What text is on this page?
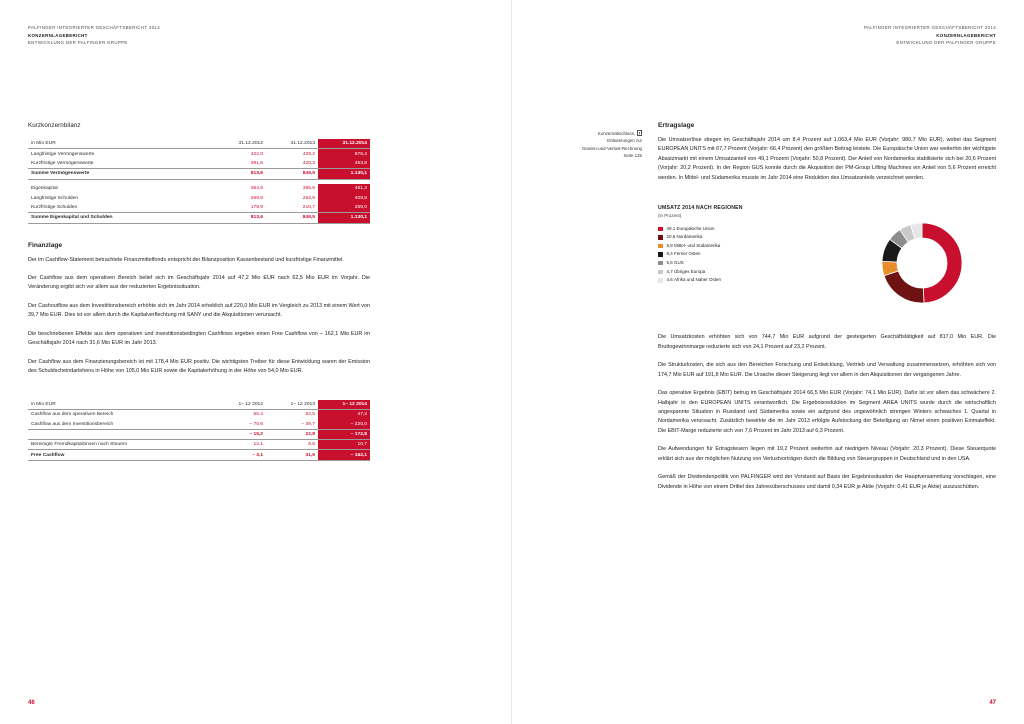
PALFINGER INTEGRIERTER GESCHÄFTSBERICHT 2014
KONZERNLAGEBERICHT
ENTWICKLUNG DER PALFINGER GRUPPE
Kurzkonzernbilanz
in Mio EUR	31.12.2012	31.12.2013	31.12.2014
Langfristige Vermögenswerte	422,0	429,2	676,4
Kurzfristige Vermögenswerte	391,6	420,3	453,8
Summe Vermögenswerte	813,6	849,5	1.130,1

Eigenkapital	364,9	385,9	461,3
Langfristige Schulden	268,8	252,9	409,8
Kurzfristige Schulden	179,9	210,7	259,0
Summe Eigenkapital und Schulden	813,6	849,5	1.130,1
Finanzlage

Der im Cashflow-Statement betrachtete Finanzmittelfonds entspricht der Bilanzposition Kassenbestand und kurzfristige Finanzmittel.

Der Cashflow aus dem operativen Bereich belief sich im Geschäftsjahr 2014 auf 47,2 Mio EUR nach 62,5 Mio EUR im Vorjahr. Die Veränderung ergibt sich vor allem aus der reduzierten Ergebnissituation.

Der Cashoutflow aus dem Investitionsbereich erhöhte sich im Jahr 2014 erheblich auf 220,0 Mio EUR im Vergleich zu 2013 mit einem Wert von 39,7 Mio EUR. Dies ist vor allem durch die Kapitalverflechtung mit SANY und die Akquisitionen verursacht.

Die beschriebenen Effekte aus dem operativen und investitionsbedingten Cashflows ergeben einen Free Cashflow von – 162,1 Mio EUR im Geschäftsjahr 2014 nach 31,6 Mio EUR im Jahr 2013.

Der Cashflow aus dem Finanzierungsbereich ist mit 178,4 Mio EUR positiv. Die wichtigsten Treiber für diese Entwicklung waren der Emission des Schuldscheindarlehens in Höhe von 105,0 Mio EUR sowie die Kapitalerhöhung in der Höhe von 54,0 Mio EUR.

in Mio EUR	1– 12 2012	1– 12 2013	1– 12 2014
Cashflow aus dem operativen Bereich	55,4	62,5	47,2
Cashflow aus dem Investitionsbereich	– 70,6	– 39,7	– 220,0
	– 15,2	22,8	– 172,8
Bereinigte Fremdkapitalzinsen nach Steuern	12,1	8,8	10,7
Free Cashflow	– 3,1	31,6	– 162,1
46
PALFINGER INTEGRIERTER GESCHÄFTSBERICHT 2014
KONZERNLAGEBERICHT
ENTWICKLUNG DER PALFINGER GRUPPE
Konzernabschluss,
Erläuterungen zur
Gewinn-und-Verlust-Rechnung
Seite 125
Ertragslage

Die Umsatzerlöse stiegen im Geschäftsjahr 2014 um 8,4 Prozent auf 1.063,4 Mio EUR (Vorjahr: 980,7 Mio EUR), wobei das Segment EUROPEAN UNITS mit 67,7 Prozent (Vorjahr: 66,4 Prozent) den größten Beitrag leistete. Die Europäische Union war weiterhin der wichtigste Absatzmarkt mit einem Umsatzanteil von 49,1 Prozent (Vorjahr: 50,8 Prozent). Der Anteil von Nordamerika stabilisierte sich bei 20,6 Prozent (Vorjahr: 20,2 Prozent). In der Region GUS konnte durch die Akquisition der PM-Group Lifting Machines ein Anteil von 5,6 Prozent erreicht werden. In Mittel- und Südamerika musste im Jahr 2014 eine Reduktion des Umsatzanteils verzeichnet werden.

UMSATZ 2014 NACH REGIONEN
(in Prozent)
49,1
Europäische Union
20,6
Nordamerika
5,8
Mittel- und Südamerika
9,4
Ferner Osten
5,6
GUS
4,7
Übriges Europa
4,6
Afrika und Naher Osten

Die Umsatzkosten erhöhten sich von 744,7 Mio EUR aufgrund der gesteigerten Geschäftstätigkeit auf 817,0 Mio EUR. Die Bruttogewinnmarge reduzierte sich von 24,1 Prozent auf 23,2 Prozent.

Die Strukturkosten, die sich aus den Bereichen Forschung und Entwicklung, Vertrieb und Verwaltung zusammensetzen, erhöhten sich von 174,7 Mio EUR auf 191,8 Mio EUR. Die Ursache dieser Steigerung liegt vor allem in den Akquisitionen der vergangenen Jahre.

Das operative Ergebnis (EBIT) betrug im Geschäftsjahr 2014 66,5 Mio EUR (Vorjahr: 74,1 Mio EUR). Dafür ist vor allem das schwächere 2. Halbjahr in den EUROPEAN UNITS verantwortlich. Die Ergebnisreduktion im Segment AREA UNITS wurde durch die wirtschaftlich angespannte Situation in Russland und Südamerika sowie ein aufgrund des ungewöhnlich strengen Winters schwaches 1. Quartal in Nordamerika verursacht. Zusätzlich bewirkte die im Jahr 2013 erfolgte Aufstockung der Beteiligung an Nimet einen positiven Einmaleffekt. Die EBIT-Marge reduzierte sich von 7,6 Prozent im Jahr 2013 auf 6,3 Prozent.

Die Aufwendungen für Ertragsteuern liegen mit 19,2 Prozent weiterhin auf niedrigem Niveau (Vorjahr: 20,3 Prozent). Diese Steuerquote erklärt sich aus der möglichen Nutzung von Verlustvorträgen durch die Bildung von Steuergruppen in Deutschland und in den USA.

Gemäß der Dividendenpolitik von PALFINGER wird der Vorstand auf Basis der Ergebnissituation der Hauptversammlung vorschlagen, eine Dividende in Höhe von einem Drittel des Jahresüberschusses und damit 0,34 EUR je Aktie (Vorjahr: 0,41 EUR je Aktie) auszuschütten.

47
